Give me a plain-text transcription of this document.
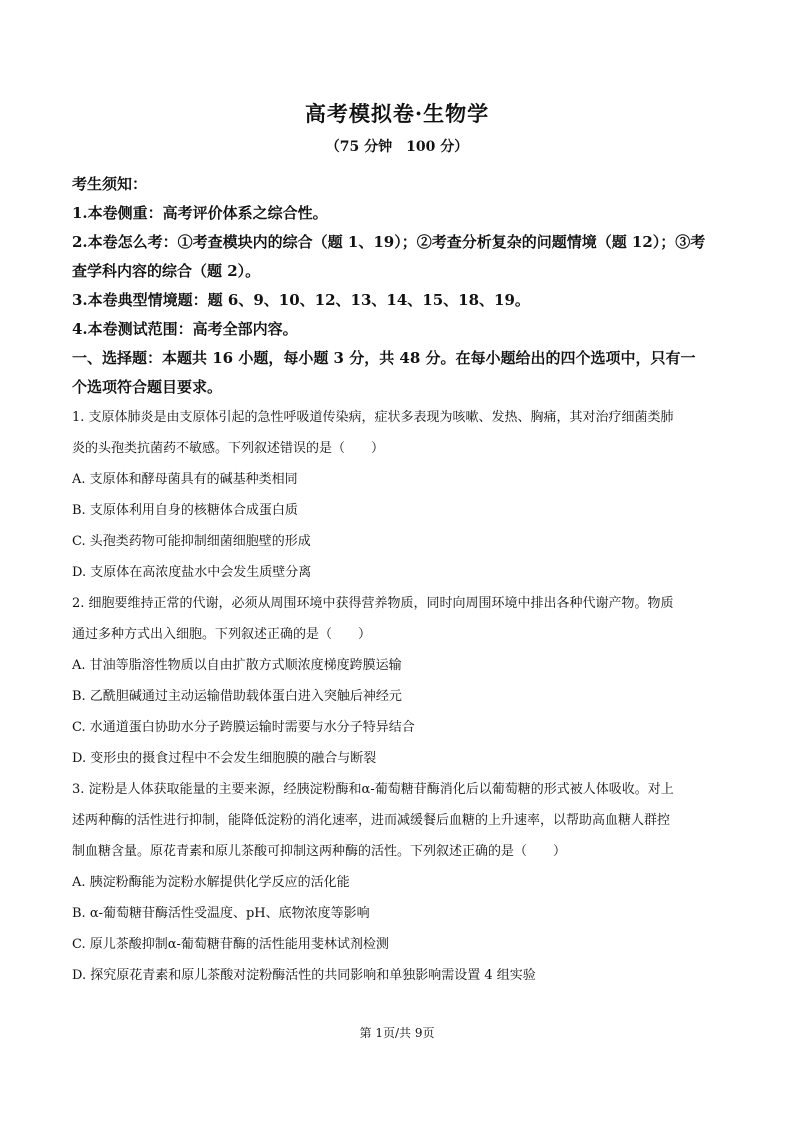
高考模拟卷·生物学
（75 分钟　100 分）
考生须知：
1.本卷侧重：高考评价体系之综合性。
2.本卷怎么考：①考查模块内的综合（题 1、19）；②考查分析复杂的问题情境（题 12）；③考
查学科内容的综合（题 2）。
3.本卷典型情境题：题 6、9、10、12、13、14、15、18、19。
4.本卷测试范围：高考全部内容。
一、选择题：本题共 16 小题，每小题 3 分，共 48 分。在每小题给出的四个选项中，只有一
个选项符合题目要求。
1. 支原体肺炎是由支原体引起的急性呼吸道传染病，症状多表现为咳嗽、发热、胸痛，其对治疗细菌类肺
炎的头孢类抗菌药不敏感。下列叙述错误的是（　　）
A. 支原体和酵母菌具有的碱基种类相同
B. 支原体利用自身的核糖体合成蛋白质
C. 头孢类药物可能抑制细菌细胞壁的形成
D. 支原体在高浓度盐水中会发生质壁分离
2. 细胞要维持正常的代谢，必须从周围环境中获得营养物质，同时向周围环境中排出各种代谢产物。物质
通过多种方式出入细胞。下列叙述正确的是（　　）
A. 甘油等脂溶性物质以自由扩散方式顺浓度梯度跨膜运输
B. 乙酰胆碱通过主动运输借助载体蛋白进入突触后神经元
C. 水通道蛋白协助水分子跨膜运输时需要与水分子特异结合
D. 变形虫的摄食过程中不会发生细胞膜的融合与断裂
3. 淀粉是人体获取能量的主要来源，经胰淀粉酶和α-葡萄糖苷酶消化后以葡萄糖的形式被人体吸收。对上
述两种酶的活性进行抑制，能降低淀粉的消化速率，进而减缓餐后血糖的上升速率，以帮助高血糖人群控
制血糖含量。原花青素和原儿茶酸可抑制这两种酶的活性。下列叙述正确的是（　　）
A. 胰淀粉酶能为淀粉水解提供化学反应的活化能
B. α-葡萄糖苷酶活性受温度、pH、底物浓度等影响
C. 原儿茶酸抑制α-葡萄糖苷酶的活性能用斐林试剂检测
D. 探究原花青素和原儿茶酸对淀粉酶活性的共同影响和单独影响需设置 4 组实验
第 1页/共 9页
